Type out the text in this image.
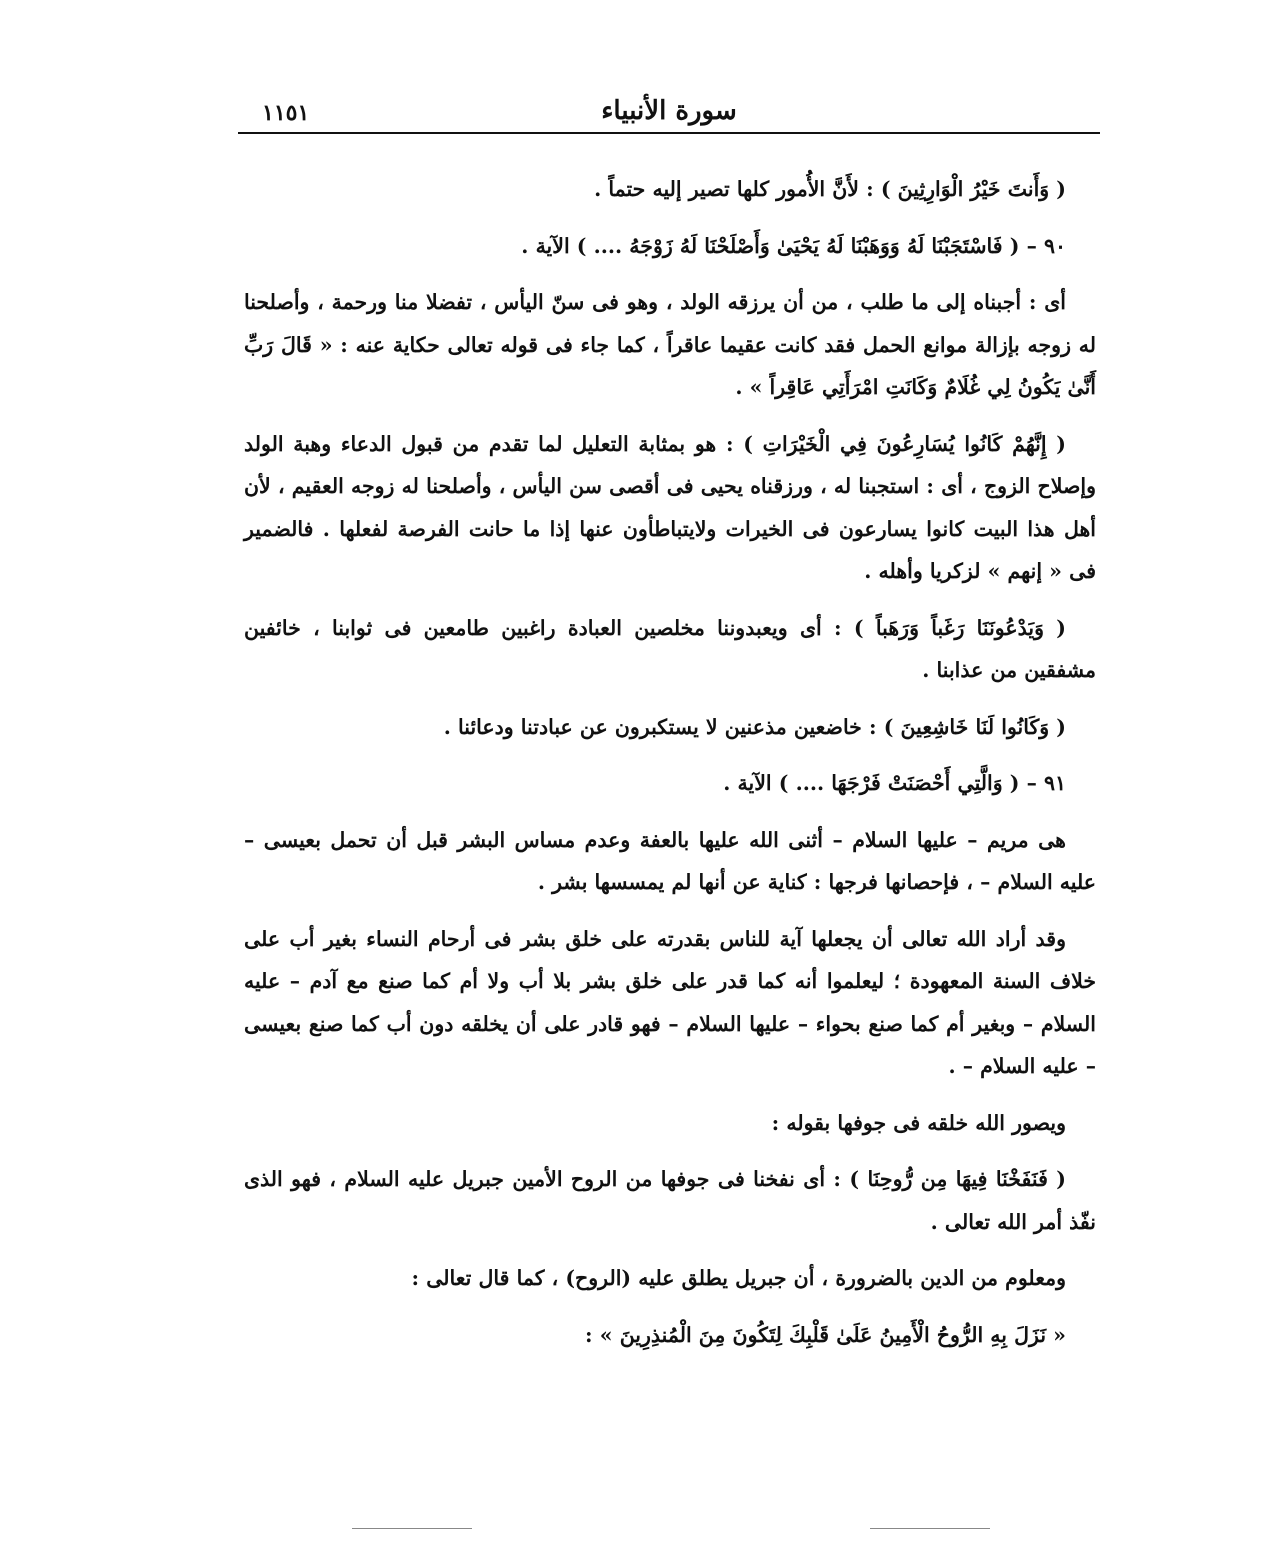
١١٥١	سورة الأنبياء

( وَأَنتَ خَيْرُ الْوَارِثِينَ ) : لأَنَّ الأُمور كلها تصير إليه حتماً .

٩٠ – ( فَاسْتَجَبْنَا لَهُ وَوَهَبْنَا لَهُ يَحْيَىٰ وَأَصْلَحْنَا لَهُ زَوْجَهُ .... ) الآية .

أى : أجبناه إلى ما طلب ، من أن يرزقه الولد ، وهو فى سنّ اليأس ، تفضلا منا ورحمة ، وأصلحنا له زوجه بإزالة موانع الحمل فقد كانت عقيما عاقراً ، كما جاء فى قوله تعالى حكاية عنه : « قَالَ رَبِّ أَنَّىٰ يَكُونُ لِي غُلَامٌ وَكَانَتِ امْرَأَتِي عَاقِراً » .

( إِنَّهُمْ كَانُوا يُسَارِعُونَ فِي الْخَيْرَاتِ ) : هو بمثابة التعليل لما تقدم من قبول الدعاء وهبة الولد وإصلاح الزوج ، أى : استجبنا له ، ورزقناه يحيى فى أقصى سن اليأس ، وأصلحنا له زوجه العقيم ، لأن أهل هذا البيت كانوا يسارعون فى الخيرات ولايتباطأون عنها إذا ما حانت الفرصة لفعلها . فالضمير فى « إنهم » لزكريا وأهله .

( وَيَدْعُونَنَا رَغَباً وَرَهَباً ) : أى ويعبدوننا مخلصين العبادة راغبين طامعين فى ثوابنا ، خائفين مشفقين من عذابنا .

( وَكَانُوا لَنَا خَاشِعِينَ ) : خاضعين مذعنين لا يستكبرون عن عبادتنا ودعائنا .

٩١ – ( وَالَّتِي أَحْصَنَتْ فَرْجَهَا .... ) الآية .

هى مريم – عليها السلام – أثنى الله عليها بالعفة وعدم مساس البشر قبل أن تحمل بعيسى – عليه السلام – ، فإحصانها فرجها : كناية عن أنها لم يمسسها بشر .

وقد أراد الله تعالى أن يجعلها آية للناس بقدرته على خلق بشر فى أرحام النساء بغير أب على خلاف السنة المعهودة ؛ ليعلموا أنه كما قدر على خلق بشر بلا أب ولا أم كما صنع مع آدم – عليه السلام – وبغير أم كما صنع بحواء – عليها السلام – فهو قادر على أن يخلقه دون أب كما صنع بعيسى – عليه السلام – .

ويصور الله خلقه فى جوفها بقوله :

( فَنَفَخْنَا فِيهَا مِن رُّوحِنَا ) : أى نفخنا فى جوفها من الروح الأمين جبريل عليه السلام ، فهو الذى نفّذ أمر الله تعالى .

ومعلوم من الدين بالضرورة ، أن جبريل يطلق عليه (الروح) ، كما قال تعالى :

« نَزَلَ بِهِ الرُّوحُ الْأَمِينُ عَلَىٰ قَلْبِكَ لِتَكُونَ مِنَ الْمُنذِرِينَ » :
